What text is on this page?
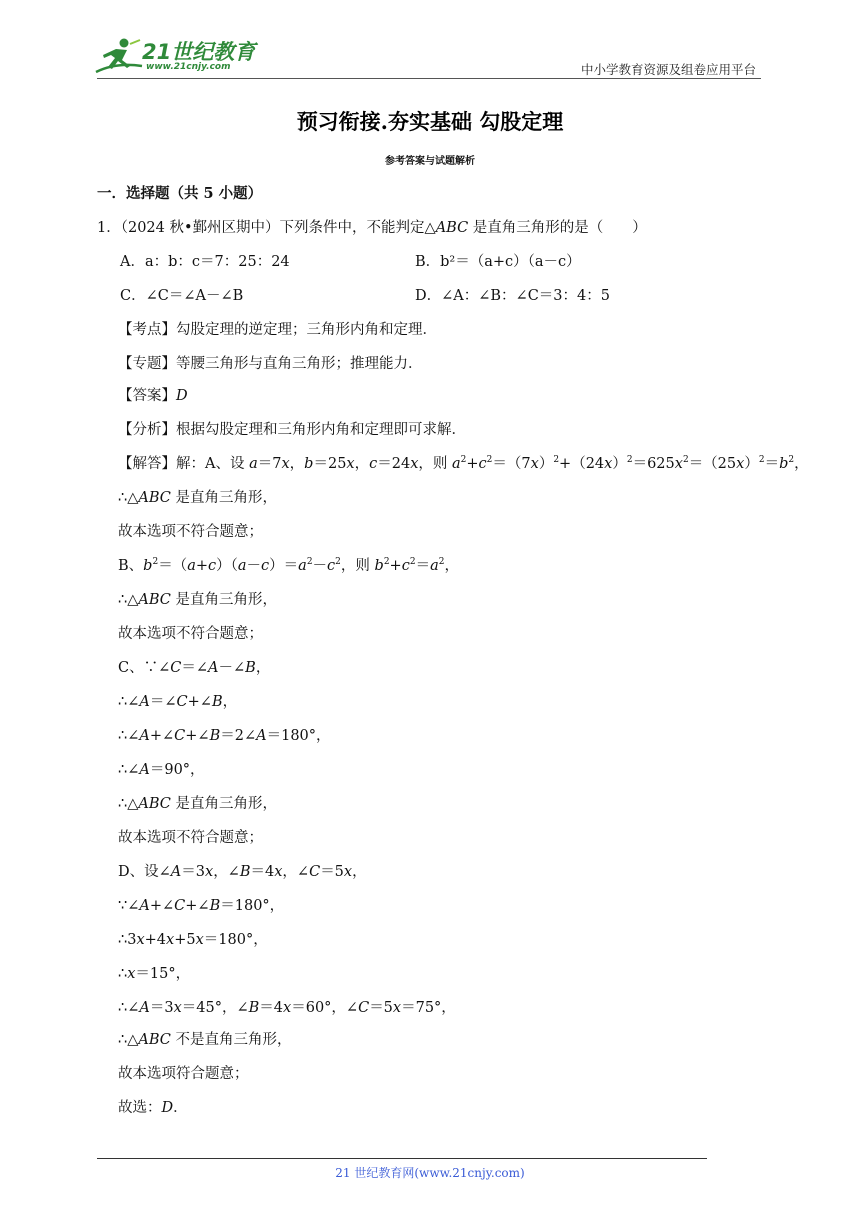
21世纪教育
www.21cnjy.com	中小学教育资源及组卷应用平台
预习衔接.夯实基础 勾股定理
参考答案与试题解析
一．选择题（共 5 小题）
1．（2024 秋•鄞州区期中）下列条件中，不能判定△ABC 是直角三角形的是（　　）
A．a：b：c＝7：25：24	B．b²＝（a+c）（a－c）
C．∠C＝∠A－∠B	D．∠A：∠B：∠C＝3：4：5
【考点】勾股定理的逆定理；三角形内角和定理．
【专题】等腰三角形与直角三角形；推理能力．
【答案】D
【分析】根据勾股定理和三角形内角和定理即可求解．
【解答】解：A、设 a＝7x，b＝25x，c＝24x，则 $a^2+c^2=(7x)^2+(24x)^2=625x^2=(25x)^2=b^2$，
∴△ABC 是直角三角形，
故本选项不符合题意；
B、$b^2=(a+c)(a-c)=a^2-c^2$，则 $b^2+c^2=a^2$，
∴△ABC 是直角三角形，
故本选项不符合题意；
C、∵∠C＝∠A－∠B，
∴∠A＝∠C+∠B，
∴∠A+∠C+∠B＝2∠A＝180°，
∴∠A＝90°，
∴△ABC 是直角三角形，
故本选项不符合题意；
D、设∠A＝3x，∠B＝4x，∠C＝5x，
∵∠A+∠C+∠B＝180°，
∴3x+4x+5x＝180°，
∴x＝15°，
∴∠A＝3x＝45°，∠B＝4x＝60°，∠C＝5x＝75°，
∴△ABC 不是直角三角形，
故本选项符合题意；
故选：D．
21 世纪教育网(www.21cnjy.com)
